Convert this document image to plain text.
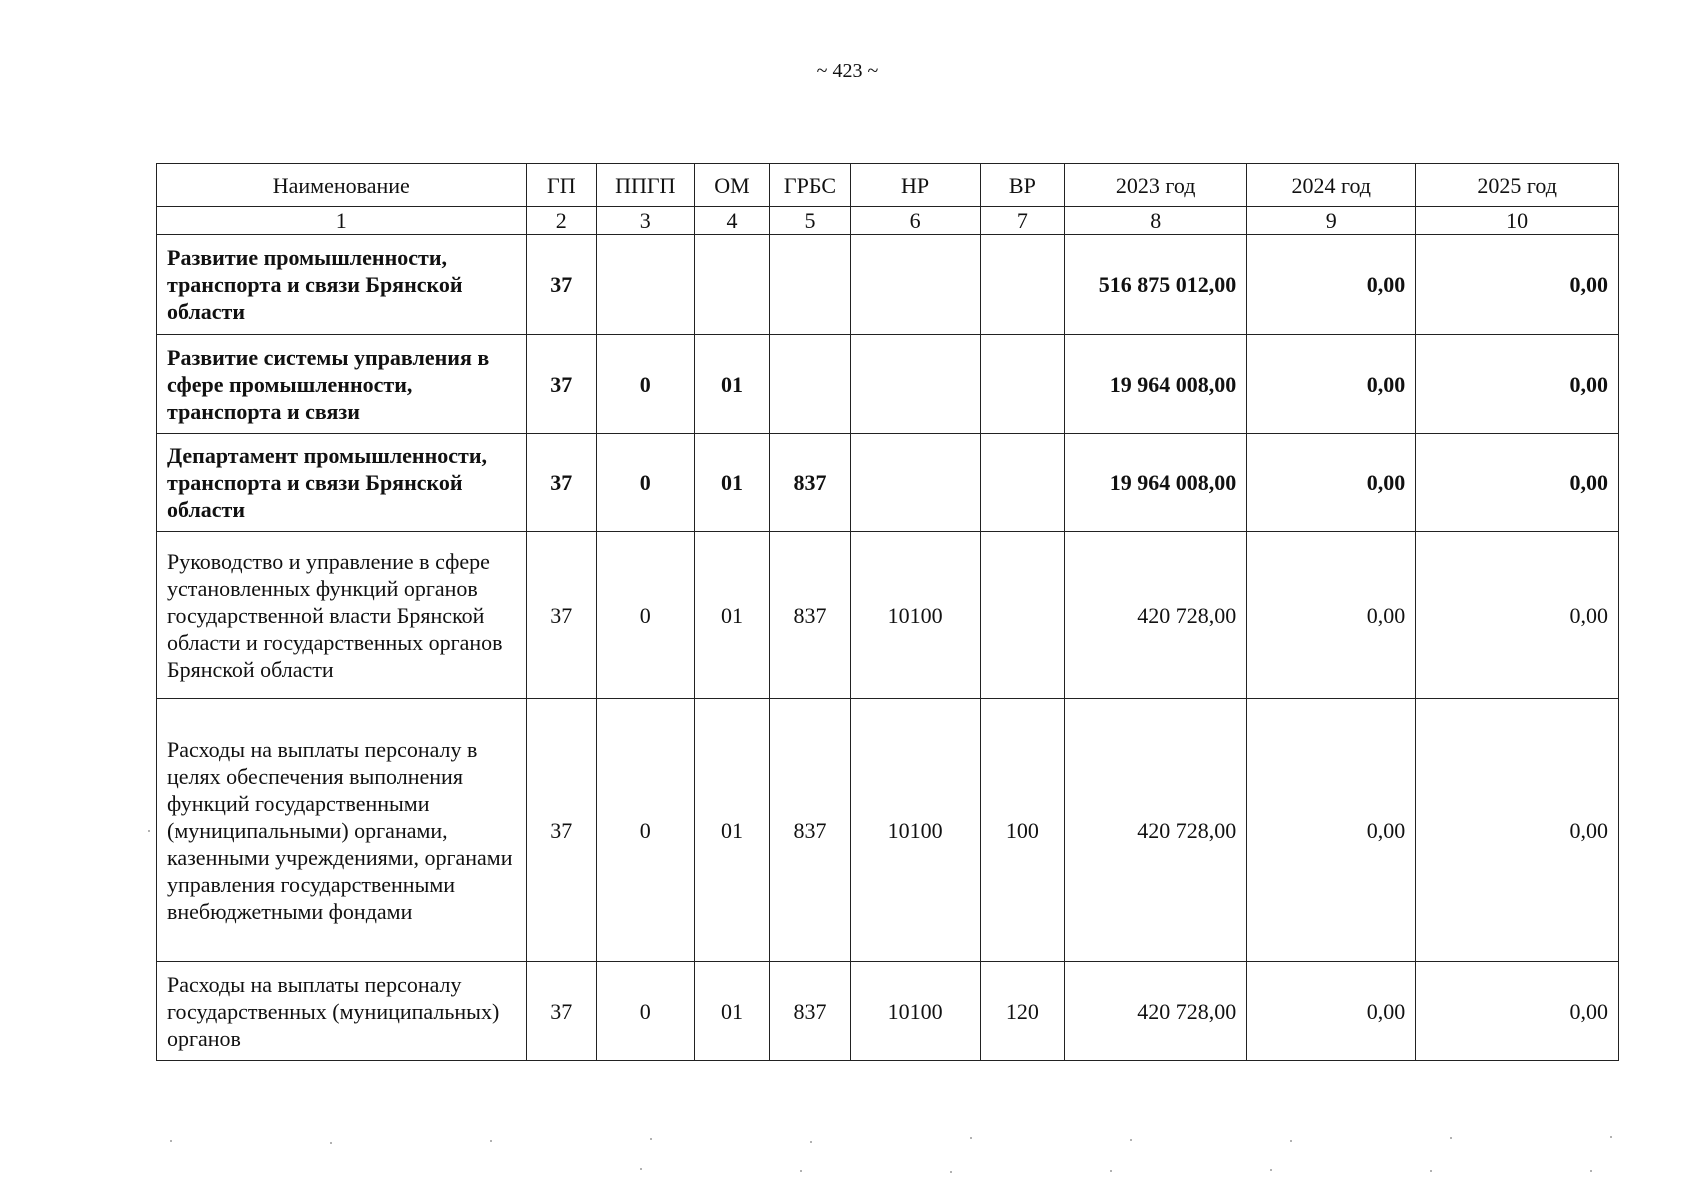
~ 423 ~
Наименование	ГП	ППГП	ОМ	ГРБС	НР	ВР	2023 год	2024 год	2025 год
1	2	3	4	5	6	7	8	9	10
Развитие промышленности, транспорта и связи Брянской области	37						516 875 012,00	0,00	0,00
Развитие системы управления в сфере промышленности, транспорта и связи	37	0	01				19 964 008,00	0,00	0,00
Департамент промышленности, транспорта и связи Брянской области	37	0	01	837			19 964 008,00	0,00	0,00
Руководство и управление в сфере установленных функций органов государственной власти Брянской области и государственных органов Брянской области	37	0	01	837	10100		420 728,00	0,00	0,00
Расходы на выплаты персоналу в целях обеспечения выполнения функций государственными (муниципальными) органами, казенными учреждениями, органами управления государственными внебюджетными фондами	37	0	01	837	10100	100	420 728,00	0,00	0,00
Расходы на выплаты персоналу государственных (муниципальных) органов	37	0	01	837	10100	120	420 728,00	0,00	0,00
